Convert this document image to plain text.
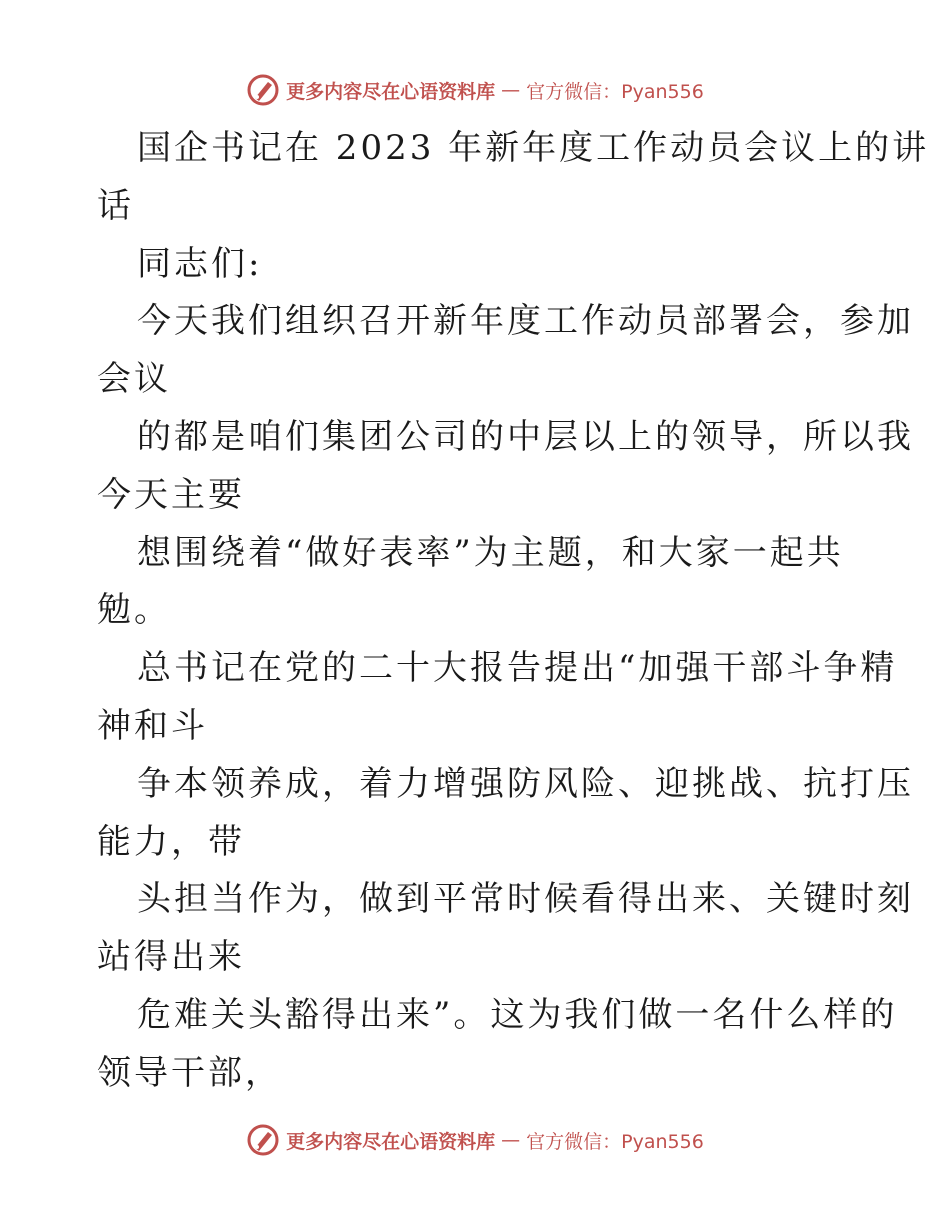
更多内容尽在心语资料库 — 官方微信：Pyan556
国企书记在 2023 年新年度工作动员会议上的讲
话
同志们:
今天我们组织召开新年度工作动员部署会，参加
会议
的都是咱们集团公司的中层以上的领导，所以我
今天主要
想围绕着“做好表率”为主题，和大家一起共
勉。
总书记在党的二十大报告提出“加强干部斗争精
神和斗
争本领养成，着力增强防风险、迎挑战、抗打压
能力，带
头担当作为，做到平常时候看得出来、关键时刻
站得出来
危难关头豁得出来”。这为我们做一名什么样的
领导干部，
更多内容尽在心语资料库 — 官方微信：Pyan556
